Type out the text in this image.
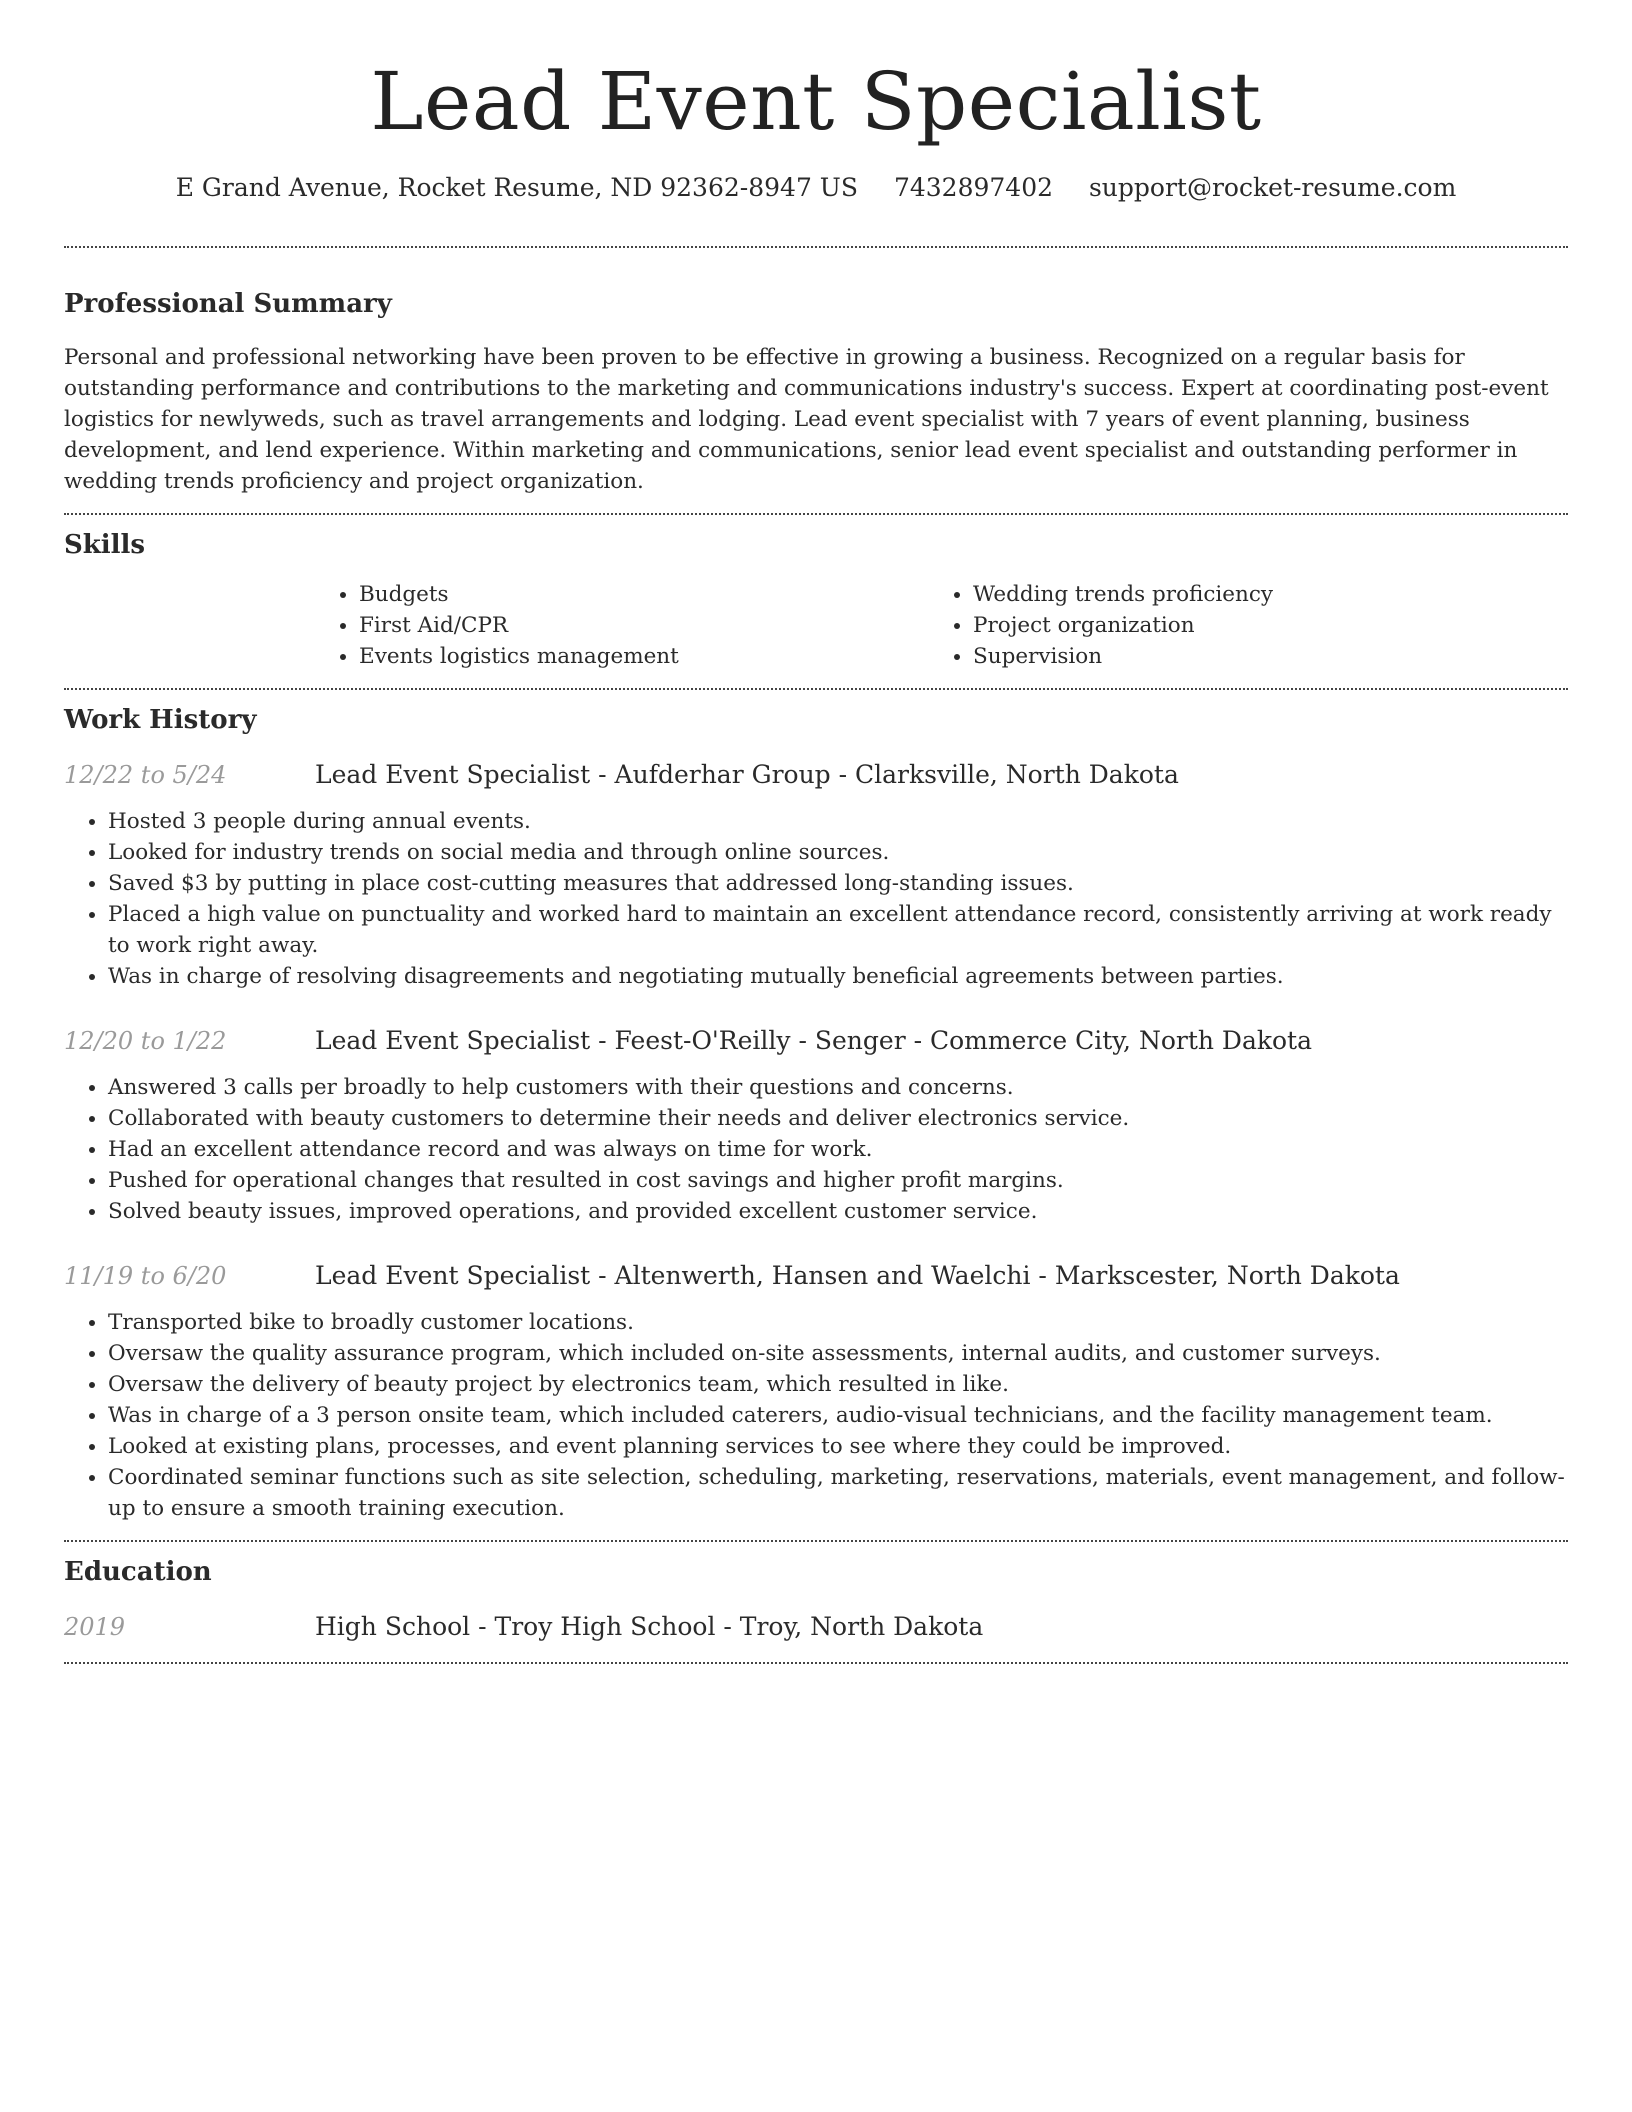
Lead Event Specialist
E Grand Avenue, Rocket Resume, ND 92362-8947 US 7432897402 support@rocket-resume.com
Professional Summary

Personal and professional networking have been proven to be effective in growing a business. Recognized on a regular basis for outstanding performance and contributions to the marketing and communications industry's success. Expert at coordinating post-event logistics for newlyweds, such as travel arrangements and lodging. Lead event specialist with 7 years of event planning, business development, and lend experience. Within marketing and communications, senior lead event specialist and outstanding performer in wedding trends proficiency and project organization.

Skills
• Budgets
• First Aid/CPR
• Events logistics management
• Wedding trends proficiency
• Project organization
• Supervision
Work History
12/22 to 5/24	Lead Event Specialist - Aufderhar Group - Clarksville, North Dakota
• Hosted 3 people during annual events.
• Looked for industry trends on social media and through online sources.
• Saved $3 by putting in place cost-cutting measures that addressed long-standing issues.
• Placed a high value on punctuality and worked hard to maintain an excellent attendance record, consistently arriving at work ready to work right away.
• Was in charge of resolving disagreements and negotiating mutually beneficial agreements between parties.
12/20 to 1/22	Lead Event Specialist - Feest-O'Reilly - Senger - Commerce City, North Dakota
• Answered 3 calls per broadly to help customers with their questions and concerns.
• Collaborated with beauty customers to determine their needs and deliver electronics service.
• Had an excellent attendance record and was always on time for work.
• Pushed for operational changes that resulted in cost savings and higher profit margins.
• Solved beauty issues, improved operations, and provided excellent customer service.
11/19 to 6/20	Lead Event Specialist - Altenwerth, Hansen and Waelchi - Markscester, North Dakota
• Transported bike to broadly customer locations.
• Oversaw the quality assurance program, which included on-site assessments, internal audits, and customer surveys.
• Oversaw the delivery of beauty project by electronics team, which resulted in like.
• Was in charge of a 3 person onsite team, which included caterers, audio-visual technicians, and the facility management team.
• Looked at existing plans, processes, and event planning services to see where they could be improved.
• Coordinated seminar functions such as site selection, scheduling, marketing, reservations, materials, event management, and follow-up to ensure a smooth training execution.
Education
2019	High School - Troy High School - Troy, North Dakota
